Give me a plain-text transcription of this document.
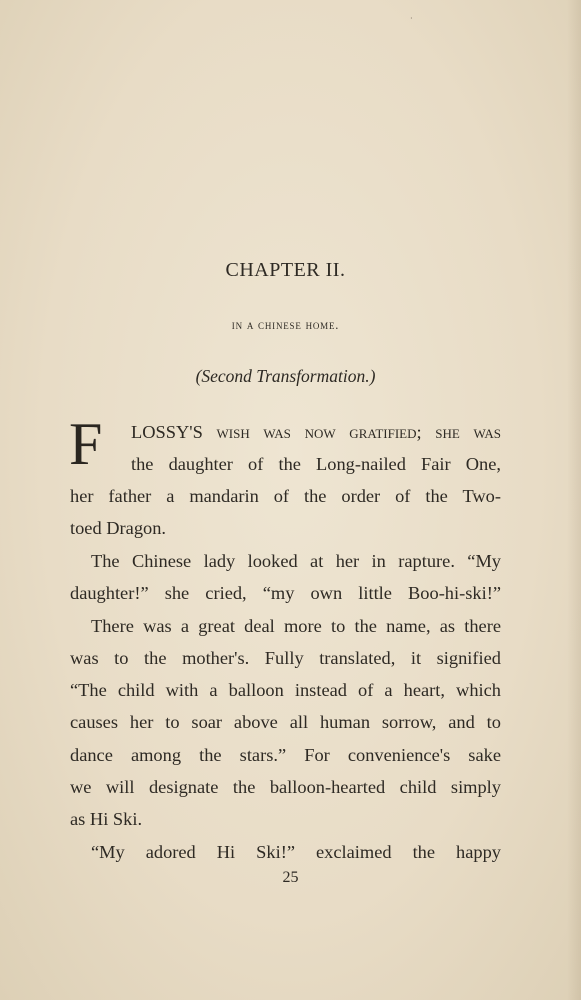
·
CHAPTER II.
in a chinese home.
(Second Transformation.)
F LOSSY'S wish was now gratified; she was
the daughter of the Long-nailed Fair One,
her father a mandarin of the order of the Two-
toed Dragon.
The Chinese lady looked at her in rapture. “My
daughter!” she cried, “my own little Boo-hi-ski!”
There was a great deal more to the name, as there
was to the mother's. Fully translated, it signified
“The child with a balloon instead of a heart, which
causes her to soar above all human sorrow, and to
dance among the stars.” For convenience's sake
we will designate the balloon-hearted child simply
as Hi Ski.
“My adored Hi Ski!” exclaimed the happy
25
